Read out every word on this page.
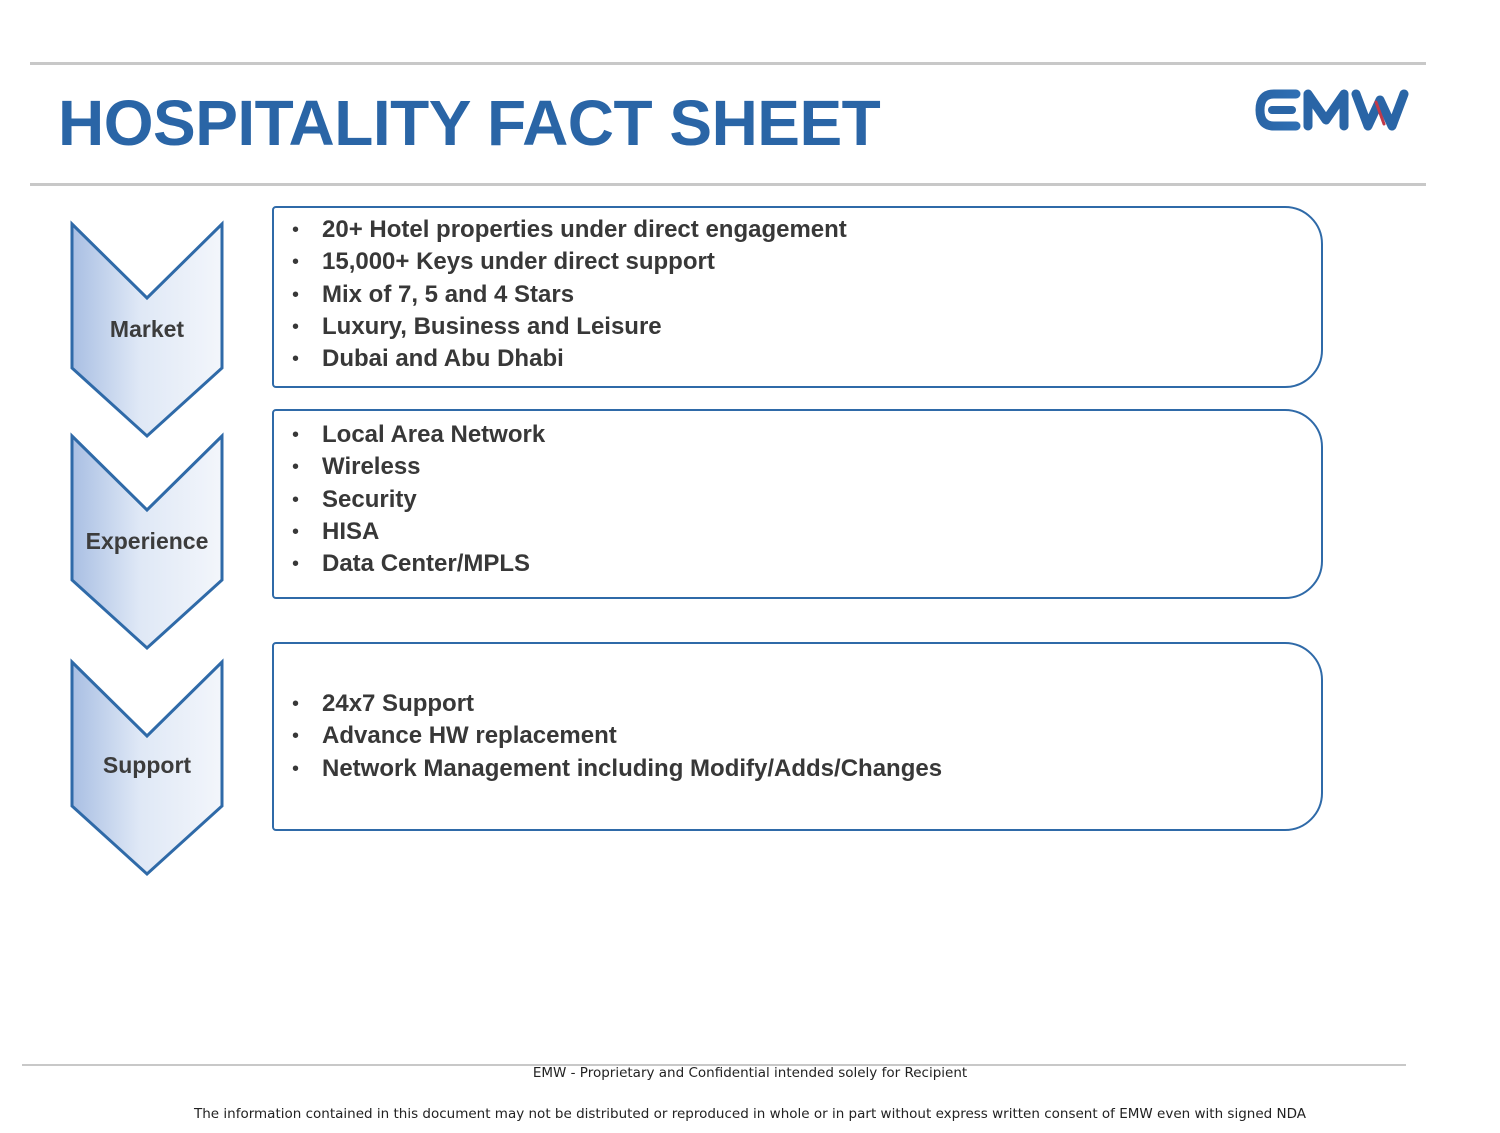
HOSPITALITY FACT SHEET
EMW
Market
• 20+ Hotel properties under direct engagement
• 15,000+ Keys under direct support
• Mix of 7, 5 and 4 Stars
• Luxury, Business and Leisure
• Dubai and Abu Dhabi
Experience
• Local Area Network
• Wireless
• Security
• HISA
• Data Center/MPLS
Support
• 24x7 Support
• Advance HW replacement
• Network Management including Modify/Adds/Changes
EMW - Proprietary and Confidential intended solely for Recipient
The information contained in this document may not be distributed or reproduced in whole or in part without express written consent of EMW even with signed NDA
